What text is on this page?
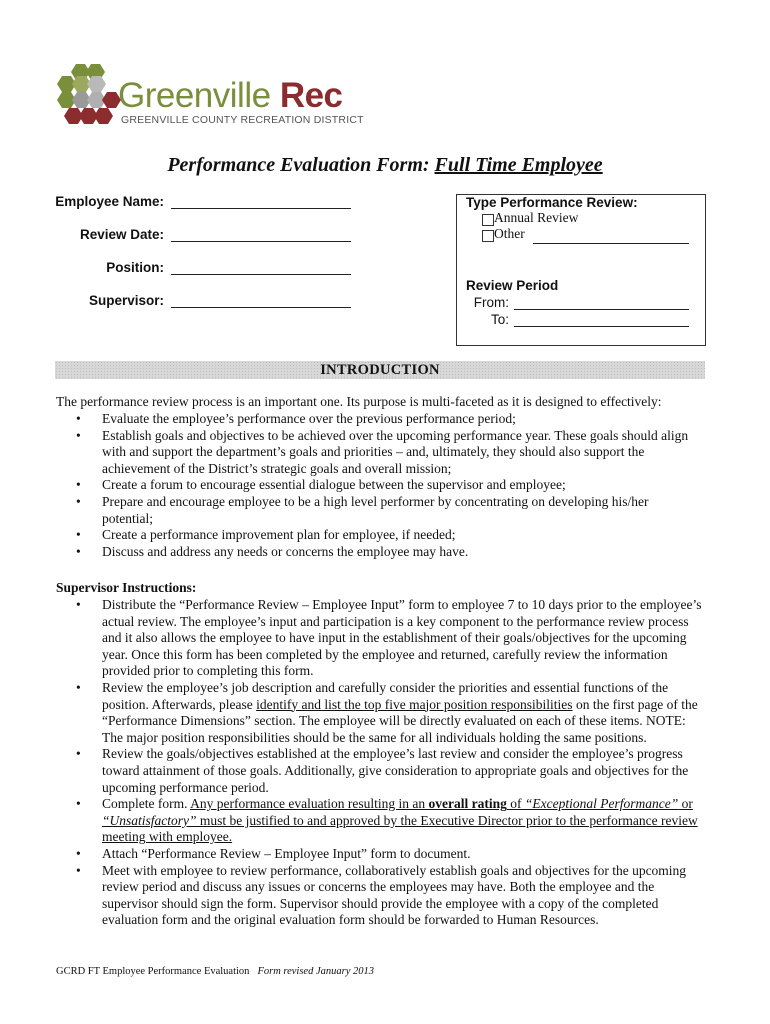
Greenville Rec
GREENVILLE COUNTY RECREATION DISTRICT
Performance Evaluation Form: Full Time Employee
Employee Name:
Review Date:
Position:
Supervisor:
Type Performance Review:
Annual Review
Other
Review Period
From:
To:
INTRODUCTION
The performance review process is an important one. Its purpose is multi-faceted as it is designed to effectively:
• Evaluate the employee’s performance over the previous performance period;
• Establish goals and objectives to be achieved over the upcoming performance year. These goals should align with and support the department’s goals and priorities – and, ultimately, they should also support the achievement of the District’s strategic goals and overall mission;
• Create a forum to encourage essential dialogue between the supervisor and employee;
• Prepare and encourage employee to be a high level performer by concentrating on developing his/her potential;
• Create a performance improvement plan for employee, if needed;
• Discuss and address any needs or concerns the employee may have.
Supervisor Instructions:
• Distribute the “Performance Review – Employee Input” form to employee 7 to 10 days prior to the employee’s actual review. The employee’s input and participation is a key component to the performance review process and it also allows the employee to have input in the establishment of their goals/objectives for the upcoming year. Once this form has been completed by the employee and returned, carefully review the information provided prior to completing this form.
• Review the employee’s job description and carefully consider the priorities and essential functions of the position. Afterwards, please identify and list the top five major position responsibilities on the first page of the “Performance Dimensions” section. The employee will be directly evaluated on each of these items. NOTE: The major position responsibilities should be the same for all individuals holding the same positions.
• Review the goals/objectives established at the employee’s last review and consider the employee’s progress toward attainment of those goals. Additionally, give consideration to appropriate goals and objectives for the upcoming performance period.
• Complete form. Any performance evaluation resulting in an overall rating of “Exceptional Performance” or “Unsatisfactory” must be justified to and approved by the Executive Director prior to the performance review meeting with employee.
• Attach “Performance Review – Employee Input” form to document.
• Meet with employee to review performance, collaboratively establish goals and objectives for the upcoming review period and discuss any issues or concerns the employees may have. Both the employee and the supervisor should sign the form. Supervisor should provide the employee with a copy of the completed evaluation form and the original evaluation form should be forwarded to Human Resources.
GCRD FT Employee Performance Evaluation Form revised January 2013
